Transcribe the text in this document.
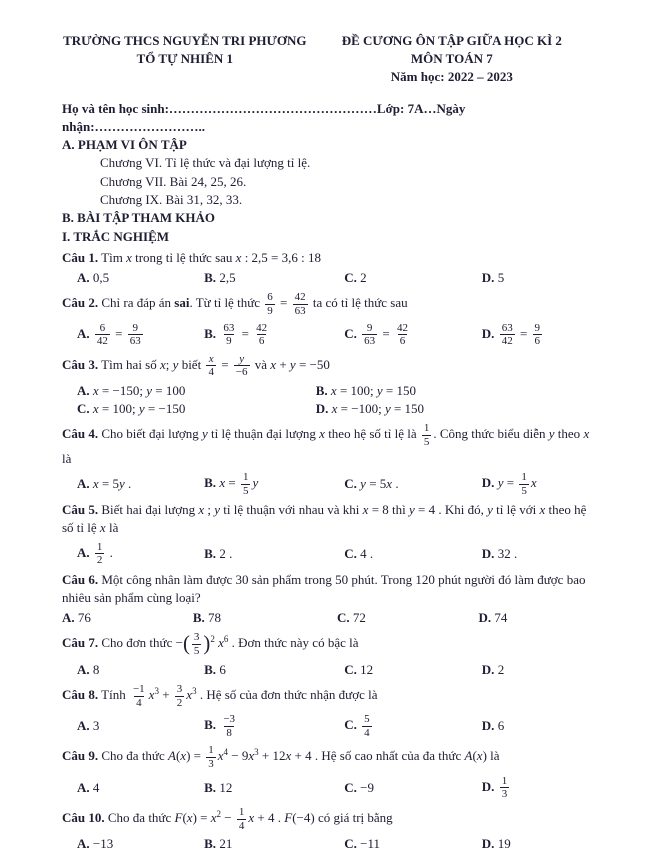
TRƯỜNG THCS NGUYỄN TRI PHƯƠNG
TỔ TỰ NHIÊN 1
ĐỀ CƯƠNG ÔN TẬP GIỮA HỌC KÌ 2
MÔN TOÁN 7
Năm học: 2022 – 2023
Họ và tên học sinh:…………………………………………Lớp: 7A…Ngày nhận:……………………..
A. PHẠM VI ÔN TẬP
Chương VI. Tỉ lệ thức và đại lượng tỉ lệ.
Chương VII. Bài 24, 25, 26.
Chương IX. Bài 31, 32, 33.
B. BÀI TẬP THAM KHẢO
I. TRẮC NGHIỆM
Câu 1. Tìm x trong tỉ lệ thức sau x : 2,5 = 3,6 : 18
A. 0,5	B. 2,5	C. 2	D. 5
Câu 2. Chỉ ra đáp án sai. Từ tỉ lệ thức $\frac{6}{9} = \frac{42}{63}$ ta có tỉ lệ thức sau
A. $\frac{6}{42} = \frac{9}{63}$	B. $\frac{63}{9} = \frac{42}{6}$	C. $\frac{9}{63} = \frac{42}{6}$	D. $\frac{63}{42} = \frac{9}{6}$
Câu 3. Tìm hai số x; y biết $\frac{x}{4} = \frac{y}{-6}$ và x + y = −50
A. x = −150; y = 100	B. x = 100; y = 150
C. x = 100; y = −150	D. x = −100; y = 150
Câu 4. Cho biết đại lượng y tỉ lệ thuận đại lượng x theo hệ số tỉ lệ là $\frac{1}{5}$ . Công thức biểu diễn y theo x là
A. x = 5y .	B. $x = \frac{1}{5}$ y	C. y = 5x .	D. $y = \frac{1}{5}$ x
Câu 5. Biết hai đại lượng x ; y tỉ lệ thuận với nhau và khi x = 8 thì y = 4 . Khi đó, y tỉ lệ với x theo hệ số tỉ lệ x là
A. $\frac{1}{2}$ .	B. 2 .	C. 4 .	D. 32 .
Câu 6. Một công nhân làm được 30 sản phẩm trong 50 phút. Trong 120 phút người đó làm được bao nhiêu sản phẩm cùng loại?
A. 76	B. 78	C. 72	D. 74
Câu 7. Cho đơn thức −( $\frac{3}{5} )^2$ $x^6$ . Đơn thức này có bậc là
A. 8	B. 6	C. 12	D. 2
Câu 8. Tính $\frac{-1}{4} x^3 + \frac{3}{2} x^3$ . Hệ số của đơn thức nhận được là
A. 3	B. $\frac{-3}{8}$	C. $\frac{5}{4}$	D. 6
Câu 9. Cho đa thức $A(x) = \frac{1}{3} x^4 - 9x^3 + 12x + 4$ . Hệ số cao nhất của đa thức A(x) là
A. 4	B. 12	C. −9	D. $\frac{1}{3}$
Câu 10. Cho đa thức $F(x) = x^2 - \frac{1}{4}$ x + 4 . F(−4) có giá trị bằng
A. −13	B. 21	C. −11	D. 19
